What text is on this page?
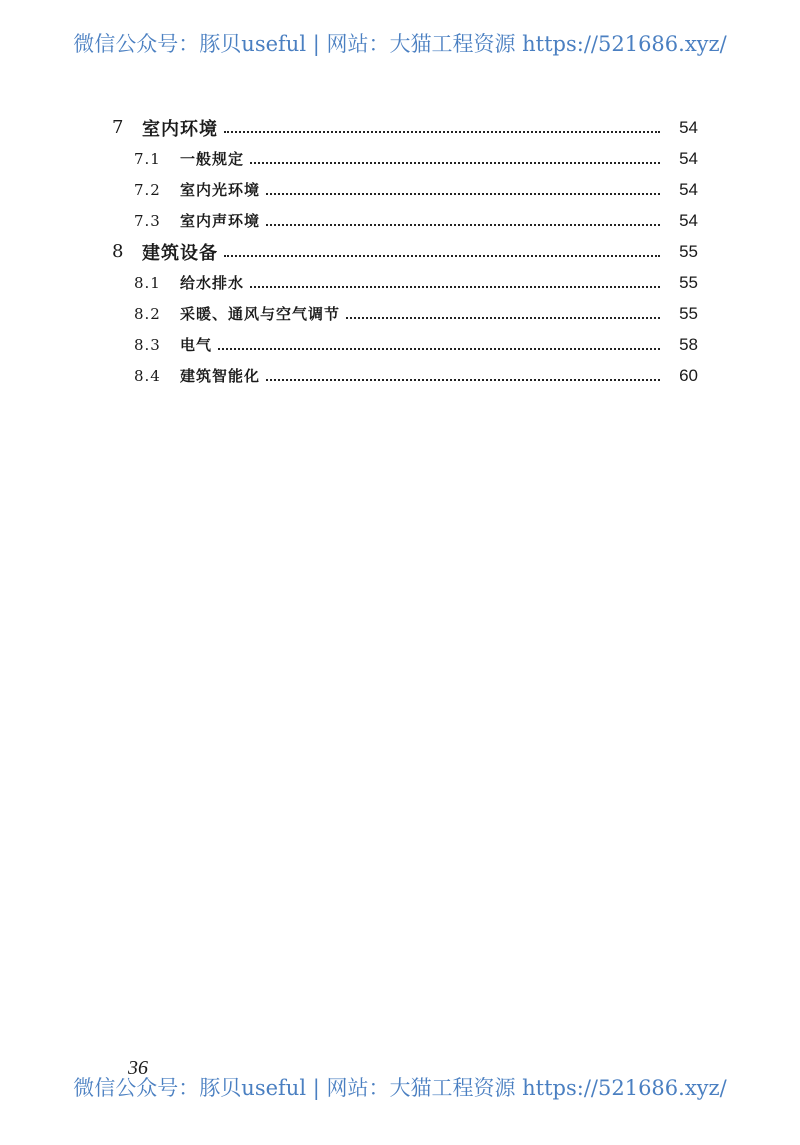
微信公众号：豚贝useful | 网站：大猫工程资源 https://521686.xyz/
7	室内环境	54
7.1	一般规定	54
7.2	室内光环境	54
7.3	室内声环境	54
8	建筑设备	55
8.1	给水排水	55
8.2	采暖、通风与空气调节	55
8.3	电气	58
8.4	建筑智能化	60
36
微信公众号：豚贝useful | 网站：大猫工程资源 https://521686.xyz/
